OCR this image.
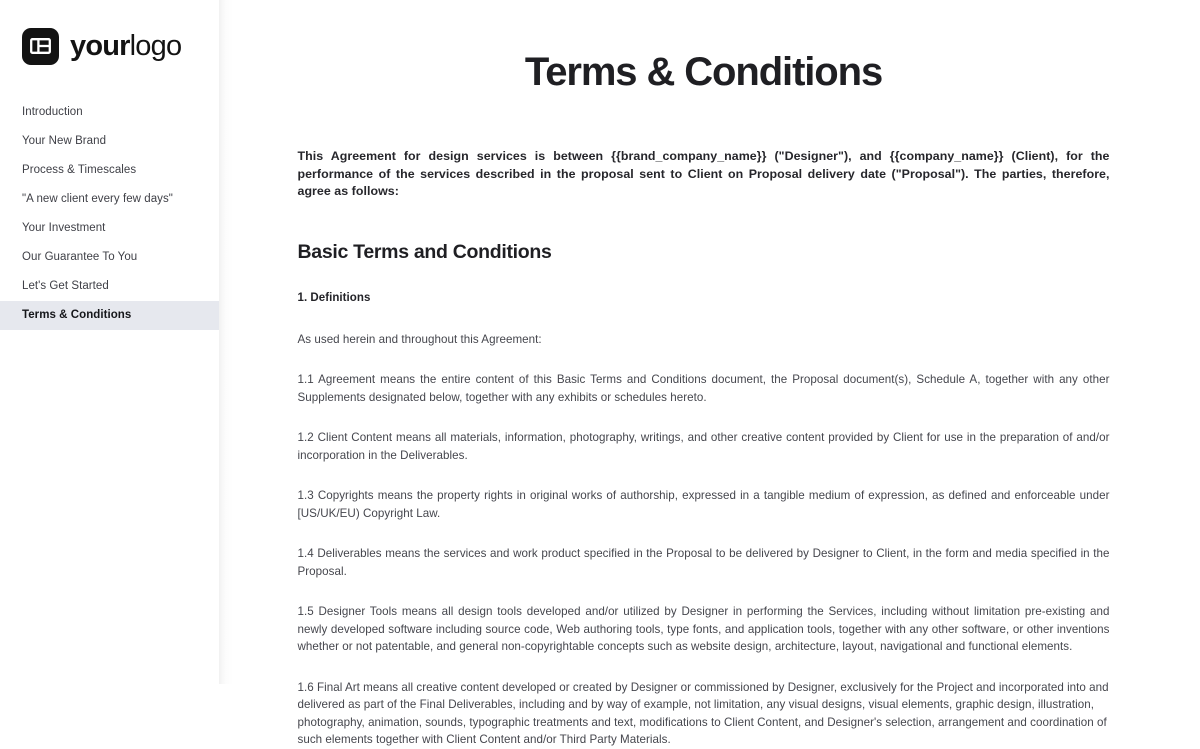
yourlogo
Introduction
Your New Brand
Process & Timescales
"A new client every few days"
Your Investment
Our Guarantee To You
Let's Get Started
Terms & Conditions
Terms & Conditions

This Agreement for design services is between {{brand_company_name}} ("Designer"), and {{company_name}} (Client), for the performance of the services described in the proposal sent to Client on Proposal delivery date ("Proposal"). The parties, therefore, agree as follows:

Basic Terms and Conditions
1. Definitions

As used herein and throughout this Agreement:

1.1 Agreement means the entire content of this Basic Terms and Conditions document, the Proposal document(s), Schedule A, together with any other Supplements designated below, together with any exhibits or schedules hereto.

1.2 Client Content means all materials, information, photography, writings, and other creative content provided by Client for use in the preparation of and/or incorporation in the Deliverables.

1.3 Copyrights means the property rights in original works of authorship, expressed in a tangible medium of expression, as defined and enforceable under [US/UK/EU) Copyright Law.

1.4 Deliverables means the services and work product specified in the Proposal to be delivered by Designer to Client, in the form and media specified in the Proposal.

1.5 Designer Tools means all design tools developed and/or utilized by Designer in performing the Services, including without limitation pre-existing and newly developed software including source code, Web authoring tools, type fonts, and application tools, together with any other software, or other inventions whether or not patentable, and general non-copyrightable concepts such as website design, architecture, layout, navigational and functional elements.

1.6 Final Art means all creative content developed or created by Designer or commissioned by Designer, exclusively for the Project and incorporated into and delivered as part of the Final Deliverables, including and by way of example, not limitation, any visual designs, visual elements, graphic design, illustration, photography, animation, sounds, typographic treatments and text, modifications to Client Content, and Designer's selection, arrangement and coordination of such elements together with Client Content and/or Third Party Materials.
